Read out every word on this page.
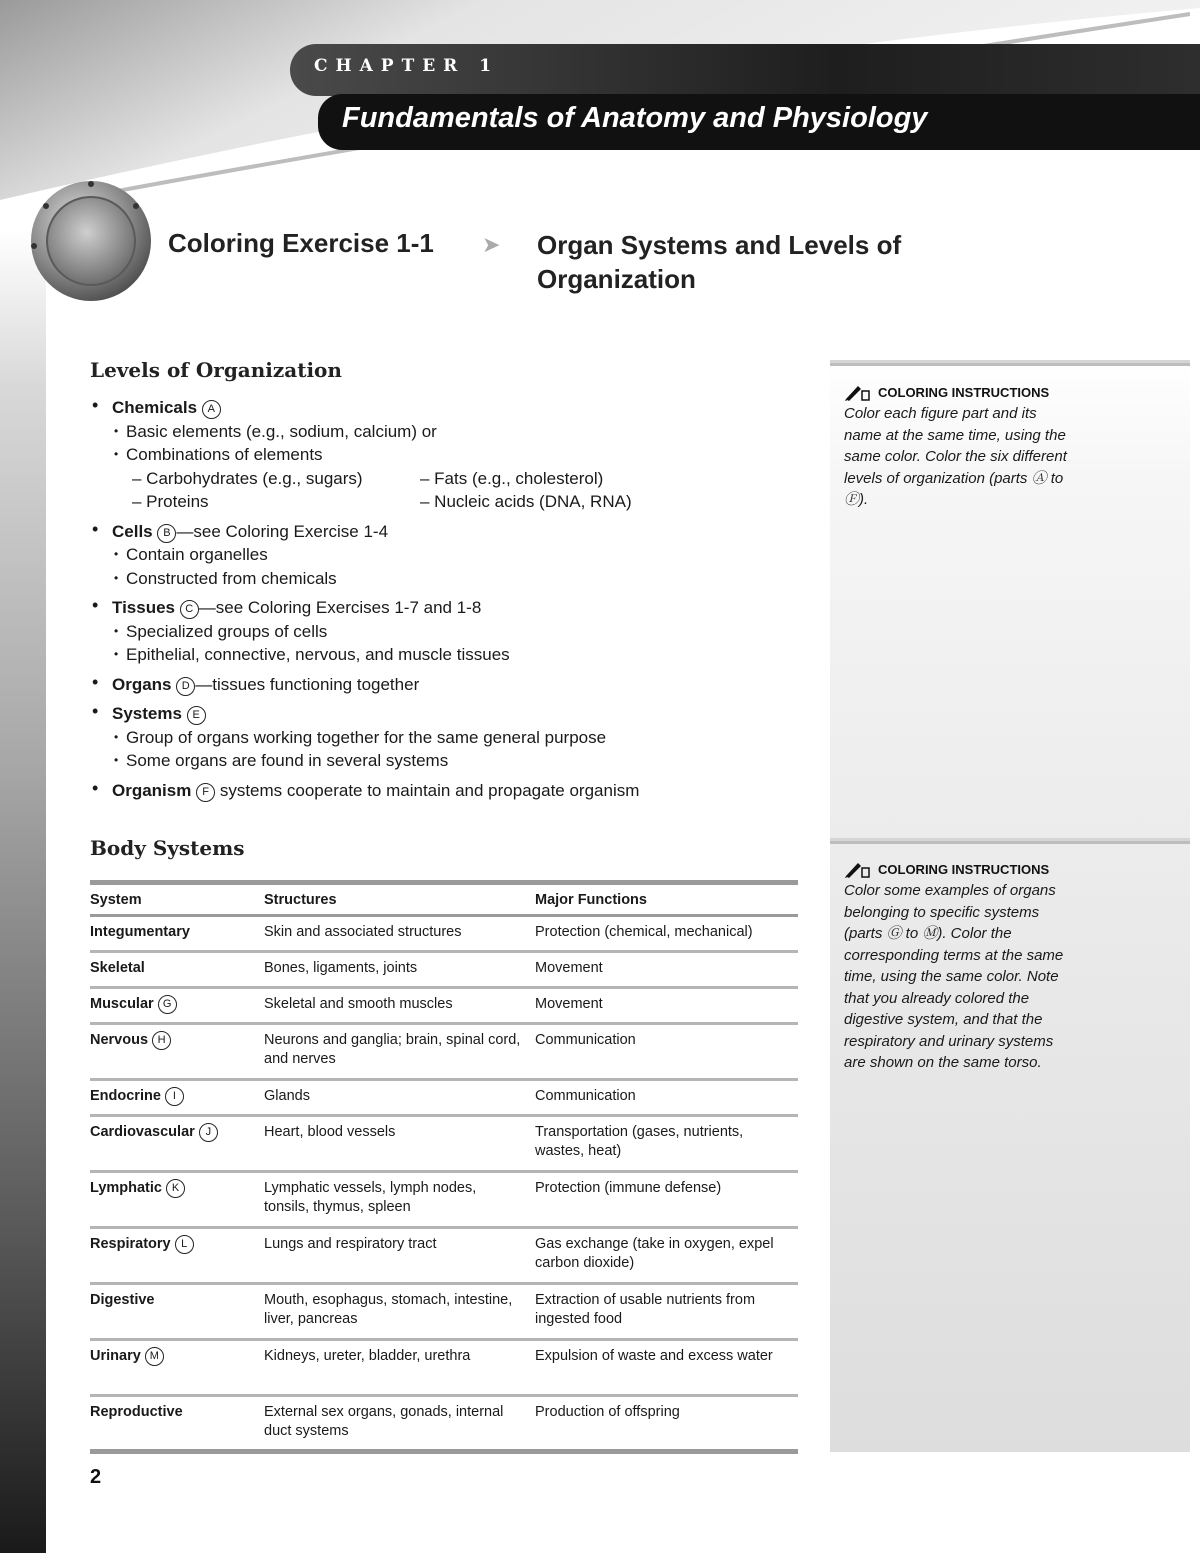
CHAPTER 1
Fundamentals of Anatomy and Physiology
Coloring Exercise 1-1 ➤ Organ Systems and Levels of Organization
COLORING INSTRUCTIONS
Color each figure part and its name at the same time, using the same color. Color the six different levels of organization (parts Ⓐ to Ⓕ).
COLORING INSTRUCTIONS
Color some examples of organs belonging to specific systems (parts Ⓖ to Ⓜ). Color the corresponding terms at the same time, using the same color. Note that you already colored the digestive system, and that the respiratory and urinary systems are shown on the same torso.
Levels of Organization
• Chemicals A
• Basic elements (e.g., sodium, calcium) or
• Combinations of elements
– Carbohydrates (e.g., sugars)	– Fats (e.g., cholesterol)
– Proteins	– Nucleic acids (DNA, RNA)
• Cells B —see Coloring Exercise 1-4
• Contain organelles
• Constructed from chemicals
• Tissues C —see Coloring Exercises 1-7 and 1-8
• Specialized groups of cells
• Epithelial, connective, nervous, and muscle tissues
• Organs D —tissues functioning together
• Systems E
• Group of organs working together for the same general purpose
• Some organs are found in several systems
• Organism F systems cooperate to maintain and propagate organism
Body Systems
System	Structures	Major Functions
Integumentary	Skin and associated structures	Protection (chemical, mechanical)
Skeletal	Bones, ligaments, joints	Movement
Muscular G	Skeletal and smooth muscles	Movement
Nervous H	Neurons and ganglia; brain, spinal cord, and nerves	Communication
Endocrine I	Glands	Communication
Cardiovascular J	Heart, blood vessels	Transportation (gases, nutrients, wastes, heat)
Lymphatic K	Lymphatic vessels, lymph nodes, tonsils, thymus, spleen	Protection (immune defense)
Respiratory L	Lungs and respiratory tract	Gas exchange (take in oxygen, expel carbon dioxide)
Digestive	Mouth, esophagus, stomach, intestine, liver, pancreas	Extraction of usable nutrients from ingested food
Urinary M	Kidneys, ureter, bladder, urethra	Expulsion of waste and excess water
Reproductive	External sex organs, gonads, internal duct systems	Production of offspring
2
